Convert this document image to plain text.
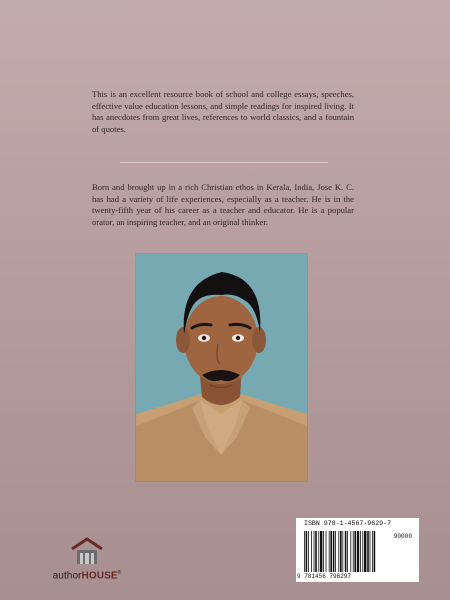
This is an excellent resource book of school and college essays, speeches, effective value education lessons, and simple readings for inspired living. It has anecdotes from great lives, references to world classics, and a fountain of quotes.

Born and brought up in a rich Christian ethos in Kerala, India, Jose K. C. has had a variety of life experiences, especially as a teacher. He is in the twenty-fifth year of his career as a teacher and educator. He is a popular orator, an inspiring teacher, and an original thinker.

authorHOUSE®
ISBN 978-1-4567-9629-7
90000
9 781456 796297
